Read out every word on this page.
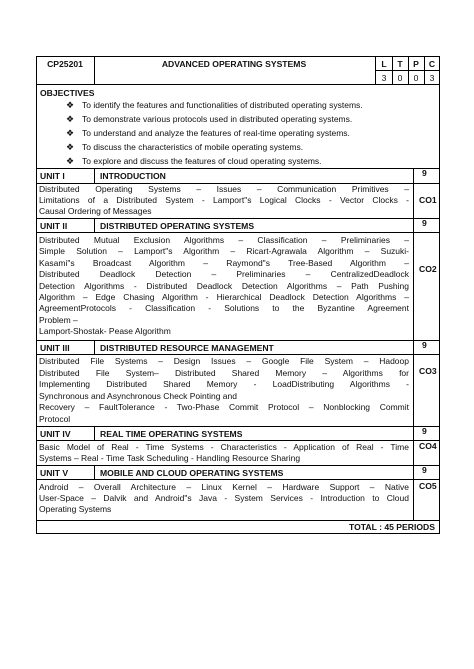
CP25201	ADVANCED OPERATING SYSTEMS	L T P C
3 0 0 3
OBJECTIVES
❖ To identify the features and functionalities of distributed operating systems.
❖ To demonstrate various protocols used in distributed operating systems.
❖ To understand and analyze the features of real-time operating systems.
❖ To discuss the characteristics of mobile operating systems.
❖ To explore and discuss the features of cloud operating systems.
UNIT I	INTRODUCTION	9
CO1
Distributed Operating Systems – Issues – Communication Primitives –
Limitations of a Distributed System - Lamport"s Logical Clocks - Vector Clocks -
Causal Ordering of Messages
UNIT II	DISTRIBUTED OPERATING SYSTEMS	9
CO2
Distributed Mutual Exclusion Algorithms – Classification – Preliminaries –
Simple Solution – Lamport"s Algorithm – Ricart-Agrawala Algorithm – Suzuki-
Kasami"s Broadcast Algorithm – Raymond"s Tree-Based Algorithm –
Distributed Deadlock Detection – Preliminaries – CentralizedDeadlock
Detection Algorithms - Distributed Deadlock Detection Algorithms – Path Pushing
Algorithm – Edge Chasing Algorithm - Hierarchical Deadlock Detection Algorithms –
AgreementProtocols - Classification - Solutions to the Byzantine Agreement
Problem –
Lamport-Shostak- Pease Algorithm
UNIT III	DISTRIBUTED RESOURCE MANAGEMENT	9
CO3
Distributed File Systems – Design Issues – Google File System – Hadoop
Distributed File System– Distributed Shared Memory – Algorithms for
Implementing Distributed Shared Memory - LoadDistributing Algorithms -
Synchronous and Asynchronous Check Pointing and
Recovery – FaultTolerance - Two-Phase Commit Protocol – Nonblocking Commit
Protocol
UNIT IV	REAL TIME OPERATING SYSTEMS	9
CO4
Basic Model of Real - Time Systems - Characteristics - Application of Real - Time
Systems – Real - Time Task Scheduling - Handling Resource Sharing
UNIT V	MOBILE AND CLOUD OPERATING SYSTEMS	9
CO5
Android – Overall Architecture – Linux Kernel – Hardware Support – Native
User-Space – Dalvik and Android"s Java - System Services - Introduction to Cloud
Operating Systems
TOTAL : 45 PERIODS
